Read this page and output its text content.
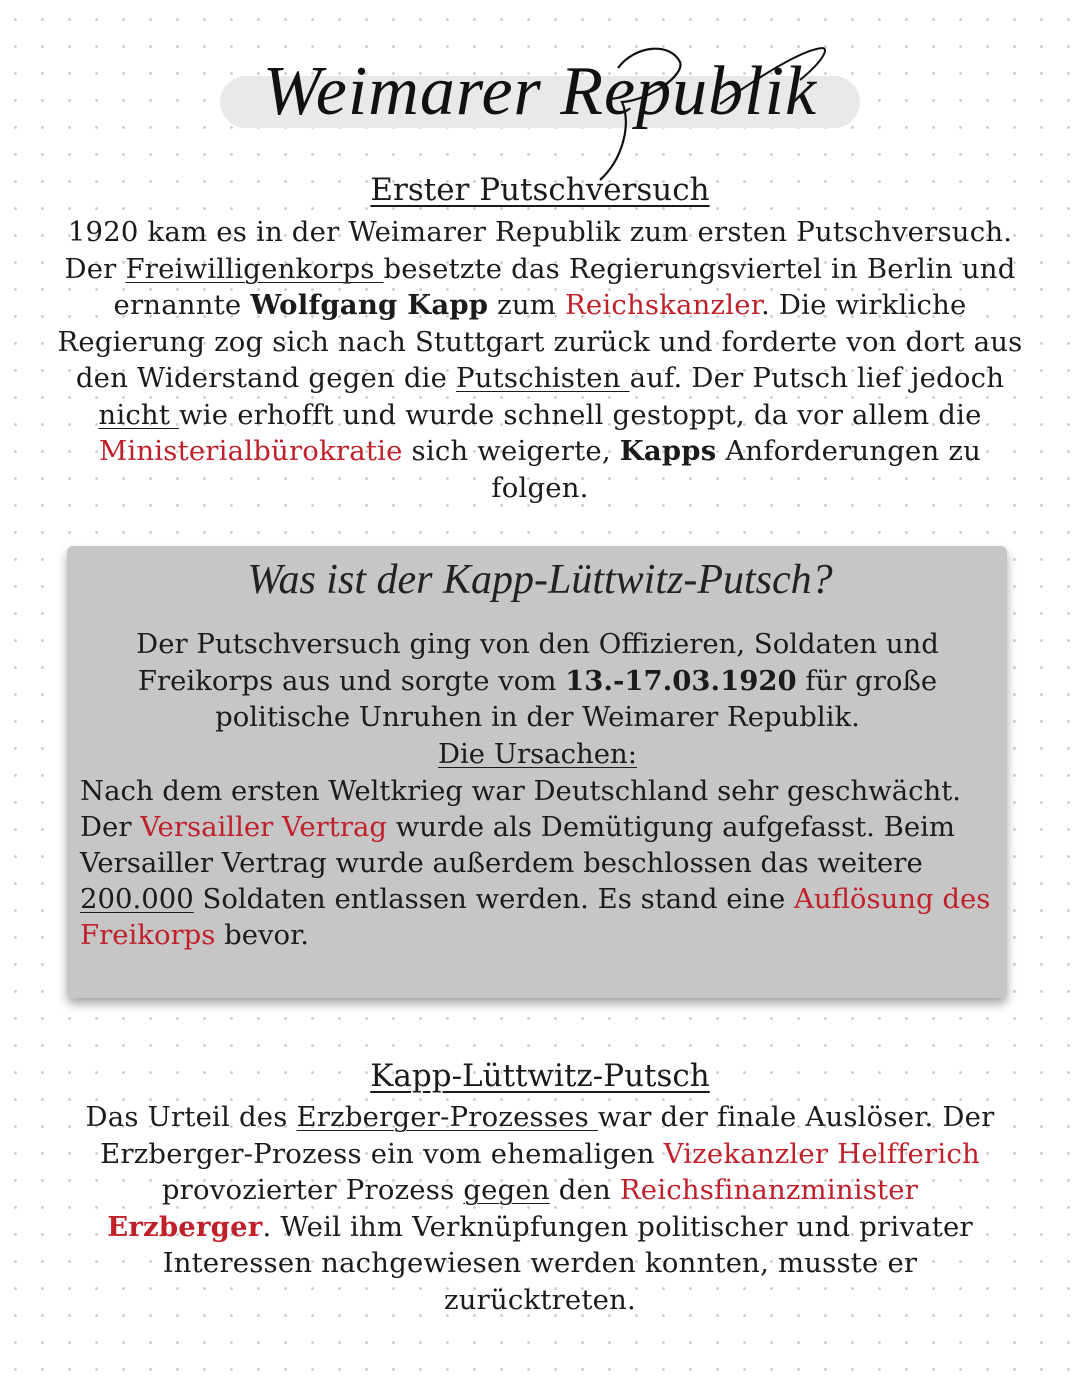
Weimarer Republik
Erster Putschversuch
1920 kam es in der Weimarer Republik zum ersten Putschversuch. Der Freiwilligenkorps besetzte das Regierungsviertel in Berlin und ernannte Wolfgang Kapp zum Reichskanzler. Die wirkliche Regierung zog sich nach Stuttgart zurück und forderte von dort aus den Widerstand gegen die Putschisten auf. Der Putsch lief jedoch nicht wie erhofft und wurde schnell gestoppt, da vor allem die Ministerialbürokratie sich weigerte, Kapps Anforderungen zu folgen.
Was ist der Kapp-Lüttwitz-Putsch?
Der Putschversuch ging von den Offizieren, Soldaten und Freikorps aus und sorgte vom 13.-17.03.1920 für große politische Unruhen in der Weimarer Republik.
Die Ursachen:
Nach dem ersten Weltkrieg war Deutschland sehr geschwächt. Der Versailler Vertrag wurde als Demütigung aufgefasst. Beim Versailler Vertrag wurde außerdem beschlossen das weitere 200.000 Soldaten entlassen werden. Es stand eine Auflösung des Freikorps bevor.
Kapp-Lüttwitz-Putsch
Das Urteil des Erzberger-Prozesses war der finale Auslöser. Der Erzberger-Prozess ein vom ehemaligen Vizekanzler Helfferich provozierter Prozess gegen den Reichsfinanzminister Erzberger. Weil ihm Verknüpfungen politischer und privater Interessen nachgewiesen werden konnten, musste er zurücktreten.
